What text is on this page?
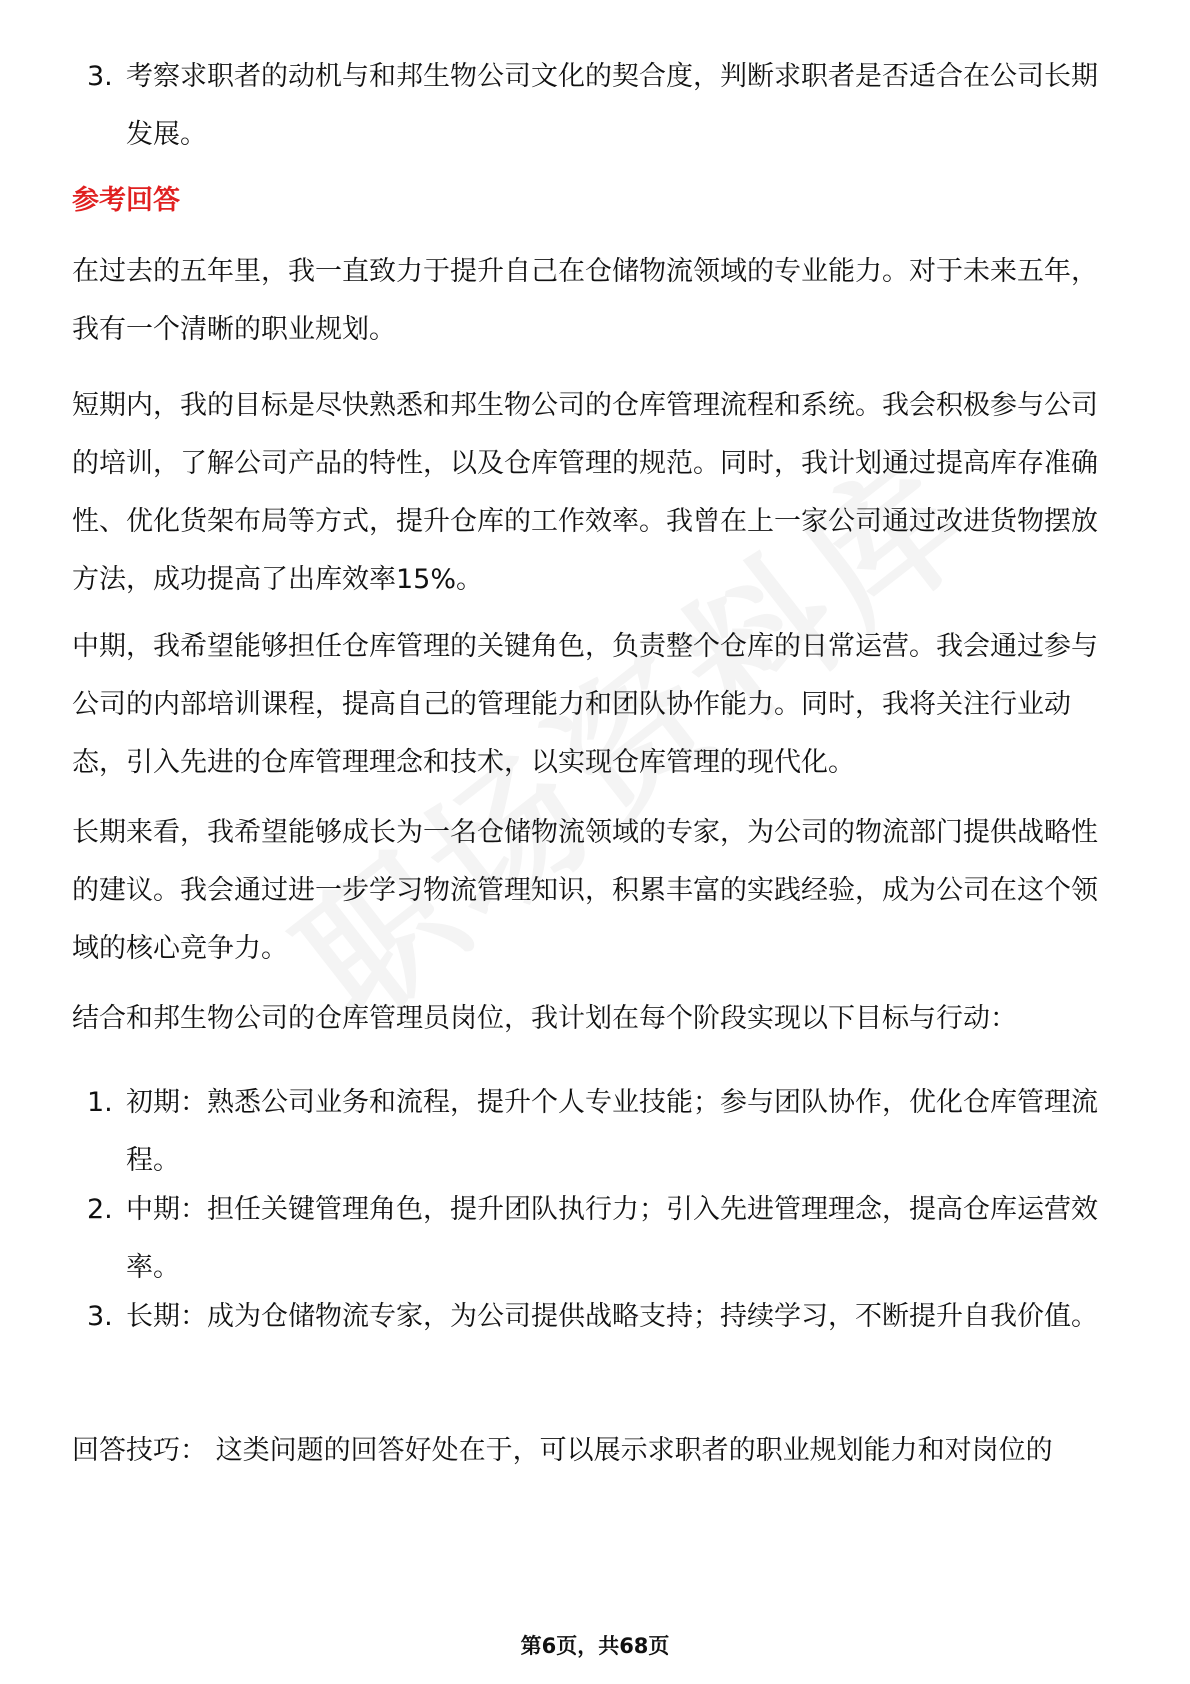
3. 考察求职者的动机与和邦生物公司文化的契合度，判断求职者是否适合在公司长期发展。
参考回答

在过去的五年里，我一直致力于提升自己在仓储物流领域的专业能力。对于未来五年，我有一个清晰的职业规划。

短期内，我的目标是尽快熟悉和邦生物公司的仓库管理流程和系统。我会积极参与公司的培训，了解公司产品的特性，以及仓库管理的规范。同时，我计划通过提高库存准确性、优化货架布局等方式，提升仓库的工作效率。我曾在上一家公司通过改进货物摆放方法，成功提高了出库效率15%。

中期，我希望能够担任仓库管理的关键角色，负责整个仓库的日常运营。我会通过参与公司的内部培训课程，提高自己的管理能力和团队协作能力。同时，我将关注行业动态，引入先进的仓库管理理念和技术，以实现仓库管理的现代化。

长期来看，我希望能够成长为一名仓储物流领域的专家，为公司的物流部门提供战略性的建议。我会通过进一步学习物流管理知识，积累丰富的实践经验，成为公司在这个领域的核心竞争力。

结合和邦生物公司的仓库管理员岗位，我计划在每个阶段实现以下目标与行动：

1. 初期：熟悉公司业务和流程，提升个人专业技能；参与团队协作，优化仓库管理流程。
2. 中期：担任关键管理角色，提升团队执行力；引入先进管理理念，提高仓库运营效率。
3. 长期：成为仓储物流专家，为公司提供战略支持；持续学习，不断提升自我价值。

回答技巧： 这类问题的回答好处在于，可以展示求职者的职业规划能力和对岗位的

第6页，共68页
